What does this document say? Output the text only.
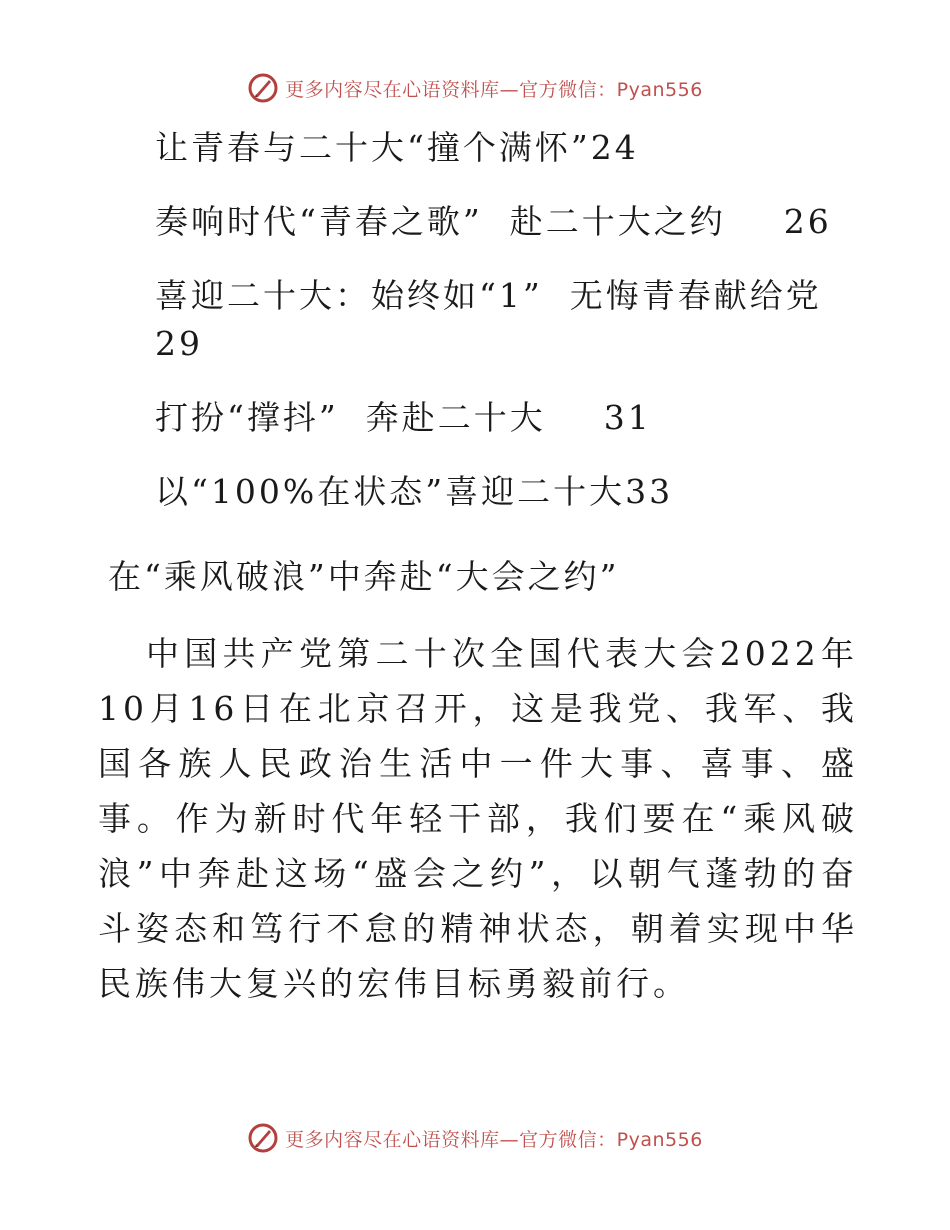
更多内容尽在心语资料库—官方微信：Pyan556
让青春与二十大“撞个满怀”24
奏响时代“青春之歌”  赴二十大之约 26
喜迎二十大：始终如“1”  无悔青春献给党
29
打扮“撑抖”  奔赴二十大 31
以“100%在状态”喜迎二十大33
在“乘风破浪”中奔赴“大会之约”
中国共产党第二十次全国代表大会2022年10月16日在北京召开，这是我党、我军、我国各族人民政治生活中一件大事、喜事、盛事。作为新时代年轻干部，我们要在“乘风破浪”中奔赴这场“盛会之约”，以朝气蓬勃的奋斗姿态和笃行不怠的精神状态，朝着实现中华民族伟大复兴的宏伟目标勇毅前行。
更多内容尽在心语资料库—官方微信：Pyan556
